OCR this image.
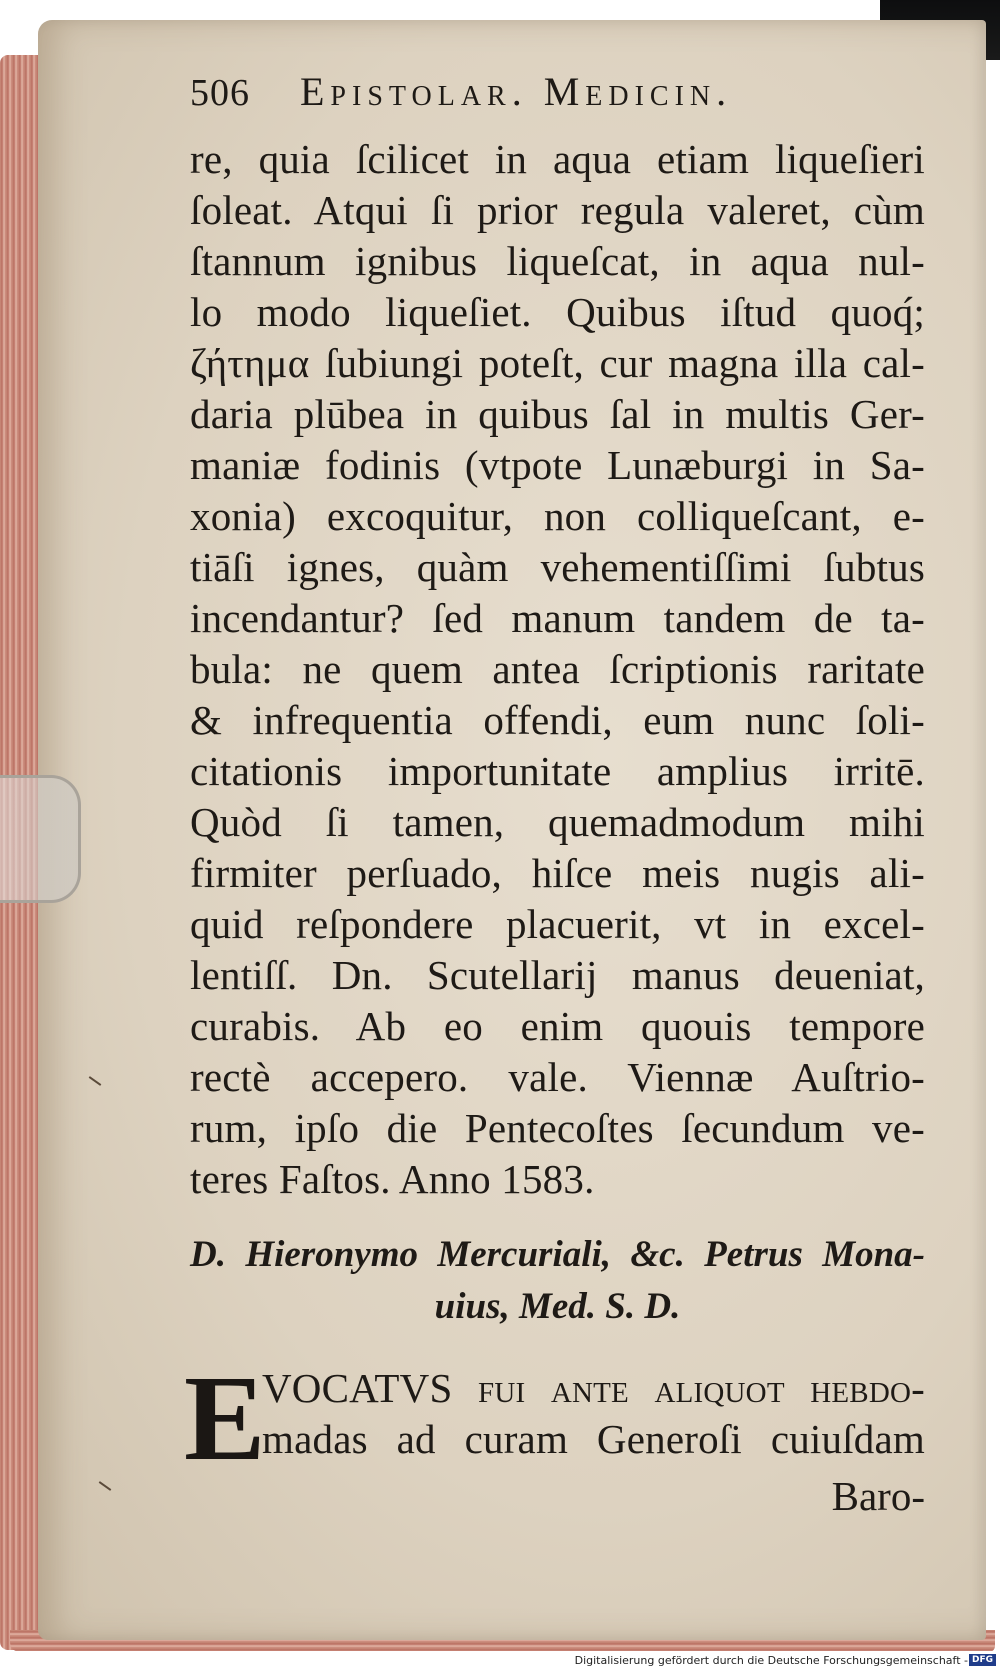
506	Epistolar. Medicin.
re, quia ſcilicet in aqua etiam liqueſieri
ſoleat. Atqui ſi prior regula valeret, cùm
ſtannum ignibus liqueſcat, in aqua nul-
lo modo liqueſiet. Quibus iſtud quoq́;
ζήτημα ſubiungi poteſt, cur magna illa cal-
daria plūbea in quibus ſal in multis Ger-
maniæ fodinis (vtpote Lunæburgi in Sa-
xonia) excoquitur, non colliqueſcant, e-
tiāſi ignes, quàm vehementiſſimi ſubtus
incendantur? ſed manum tandem de ta-
bula: ne quem antea ſcriptionis raritate
& infrequentia offendi, eum nunc ſoli-
citationis importunitate amplius irritē.
Quòd ſi tamen, quemadmodum mihi
firmiter perſuado, hiſce meis nugis ali-
quid reſpondere placuerit, vt in excel-
lentiſſ. Dn. Scutellarij manus deueniat,
curabis. Ab eo enim quouis tempore
rectè accepero. vale. Viennæ Auſtrio-
rum, ipſo die Pentecoſtes ſecundum ve-
teres Faſtos. Anno 1583.
D. Hieronymo Mercuriali, &c. Petrus Mona-
uius, Med. S. D.
E
VOCATVS fui ante aliquot hebdo-
madas ad curam Generoſi cuiuſdam
Baro-
Digitalisierung gefördert durch die Deutsche Forschungsgemeinschaft - DFG
